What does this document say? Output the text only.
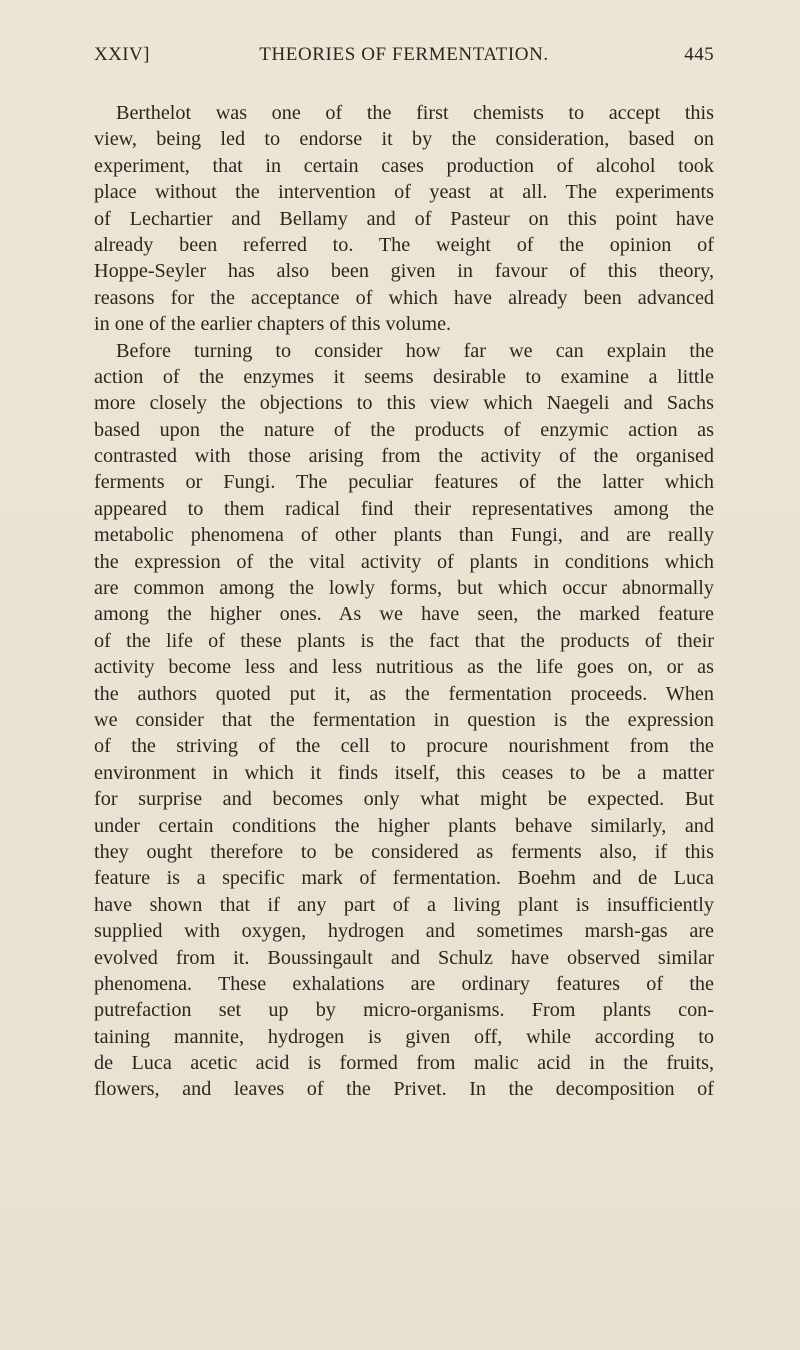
XXIV]	THEORIES OF FERMENTATION.	445
Berthelot was one of the first chemists to accept this
view, being led to endorse it by the consideration, based on
experiment, that in certain cases production of alcohol took
place without the intervention of yeast at all. The experiments
of Lechartier and Bellamy and of Pasteur on this point have
already been referred to. The weight of the opinion of
Hoppe-Seyler has also been given in favour of this theory,
reasons for the acceptance of which have already been advanced
in one of the earlier chapters of this volume.
Before turning to consider how far we can explain the
action of the enzymes it seems desirable to examine a little
more closely the objections to this view which Naegeli and Sachs
based upon the nature of the products of enzymic action as
contrasted with those arising from the activity of the organised
ferments or Fungi. The peculiar features of the latter which
appeared to them radical find their representatives among the
metabolic phenomena of other plants than Fungi, and are really
the expression of the vital activity of plants in conditions which
are common among the lowly forms, but which occur abnormally
among the higher ones. As we have seen, the marked feature
of the life of these plants is the fact that the products of their
activity become less and less nutritious as the life goes on, or as
the authors quoted put it, as the fermentation proceeds. When
we consider that the fermentation in question is the expression
of the striving of the cell to procure nourishment from the
environment in which it finds itself, this ceases to be a matter
for surprise and becomes only what might be expected. But
under certain conditions the higher plants behave similarly, and
they ought therefore to be considered as ferments also, if this
feature is a specific mark of fermentation. Boehm and de Luca
have shown that if any part of a living plant is insufficiently
supplied with oxygen, hydrogen and sometimes marsh-gas are
evolved from it. Boussingault and Schulz have observed similar
phenomena. These exhalations are ordinary features of the
putrefaction set up by micro-organisms. From plants con-
taining mannite, hydrogen is given off, while according to
de Luca acetic acid is formed from malic acid in the fruits,
flowers, and leaves of the Privet. In the decomposition of
